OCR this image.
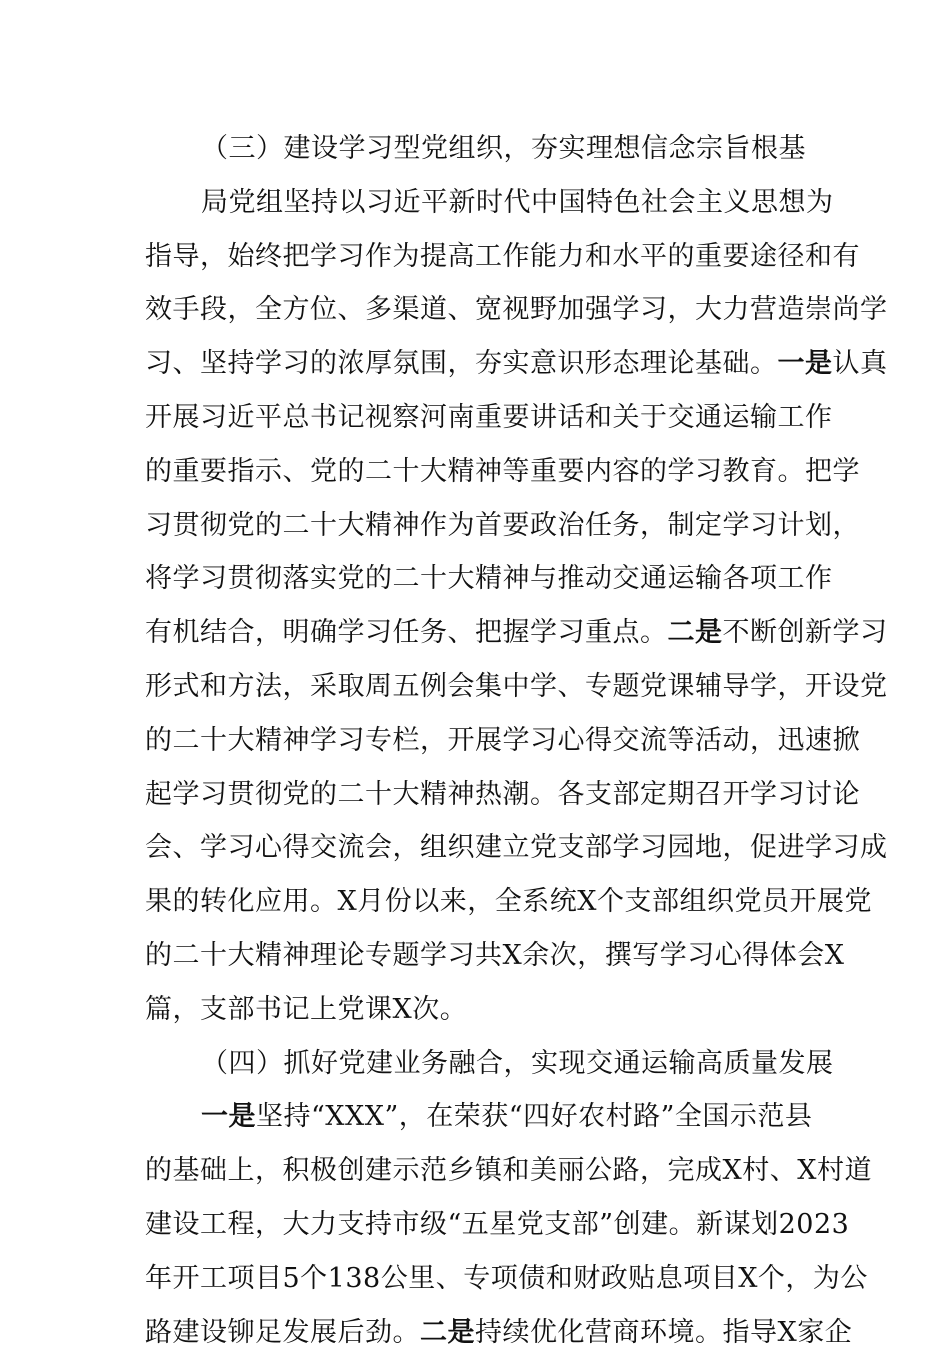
（三）建设学习型党组织，夯实理想信念宗旨根基
局党组坚持以习近平新时代中国特色社会主义思想为
指导，始终把学习作为提高工作能力和水平的重要途径和有
效手段，全方位、多渠道、宽视野加强学习，大力营造崇尚学
习、坚持学习的浓厚氛围，夯实意识形态理论基础。一是认真
开展习近平总书记视察河南重要讲话和关于交通运输工作
的重要指示、党的二十大精神等重要内容的学习教育。把学
习贯彻党的二十大精神作为首要政治任务，制定学习计划，
将学习贯彻落实党的二十大精神与推动交通运输各项工作
有机结合，明确学习任务、把握学习重点。二是不断创新学习
形式和方法，采取周五例会集中学、专题党课辅导学，开设党
的二十大精神学习专栏，开展学习心得交流等活动，迅速掀
起学习贯彻党的二十大精神热潮。各支部定期召开学习讨论
会、学习心得交流会，组织建立党支部学习园地，促进学习成
果的转化应用。X月份以来，全系统X个支部组织党员开展党
的二十大精神理论专题学习共X余次，撰写学习心得体会X
篇，支部书记上党课X次。
（四）抓好党建业务融合，实现交通运输高质量发展
一是坚持“XXX”，在荣获“四好农村路”全国示范县
的基础上，积极创建示范乡镇和美丽公路，完成X村、X村道
建设工程，大力支持市级“五星党支部”创建。新谋划2023
年开工项目5个138公里、专项债和财政贴息项目X个，为公
路建设铆足发展后劲。二是持续优化营商环境。指导X家企
